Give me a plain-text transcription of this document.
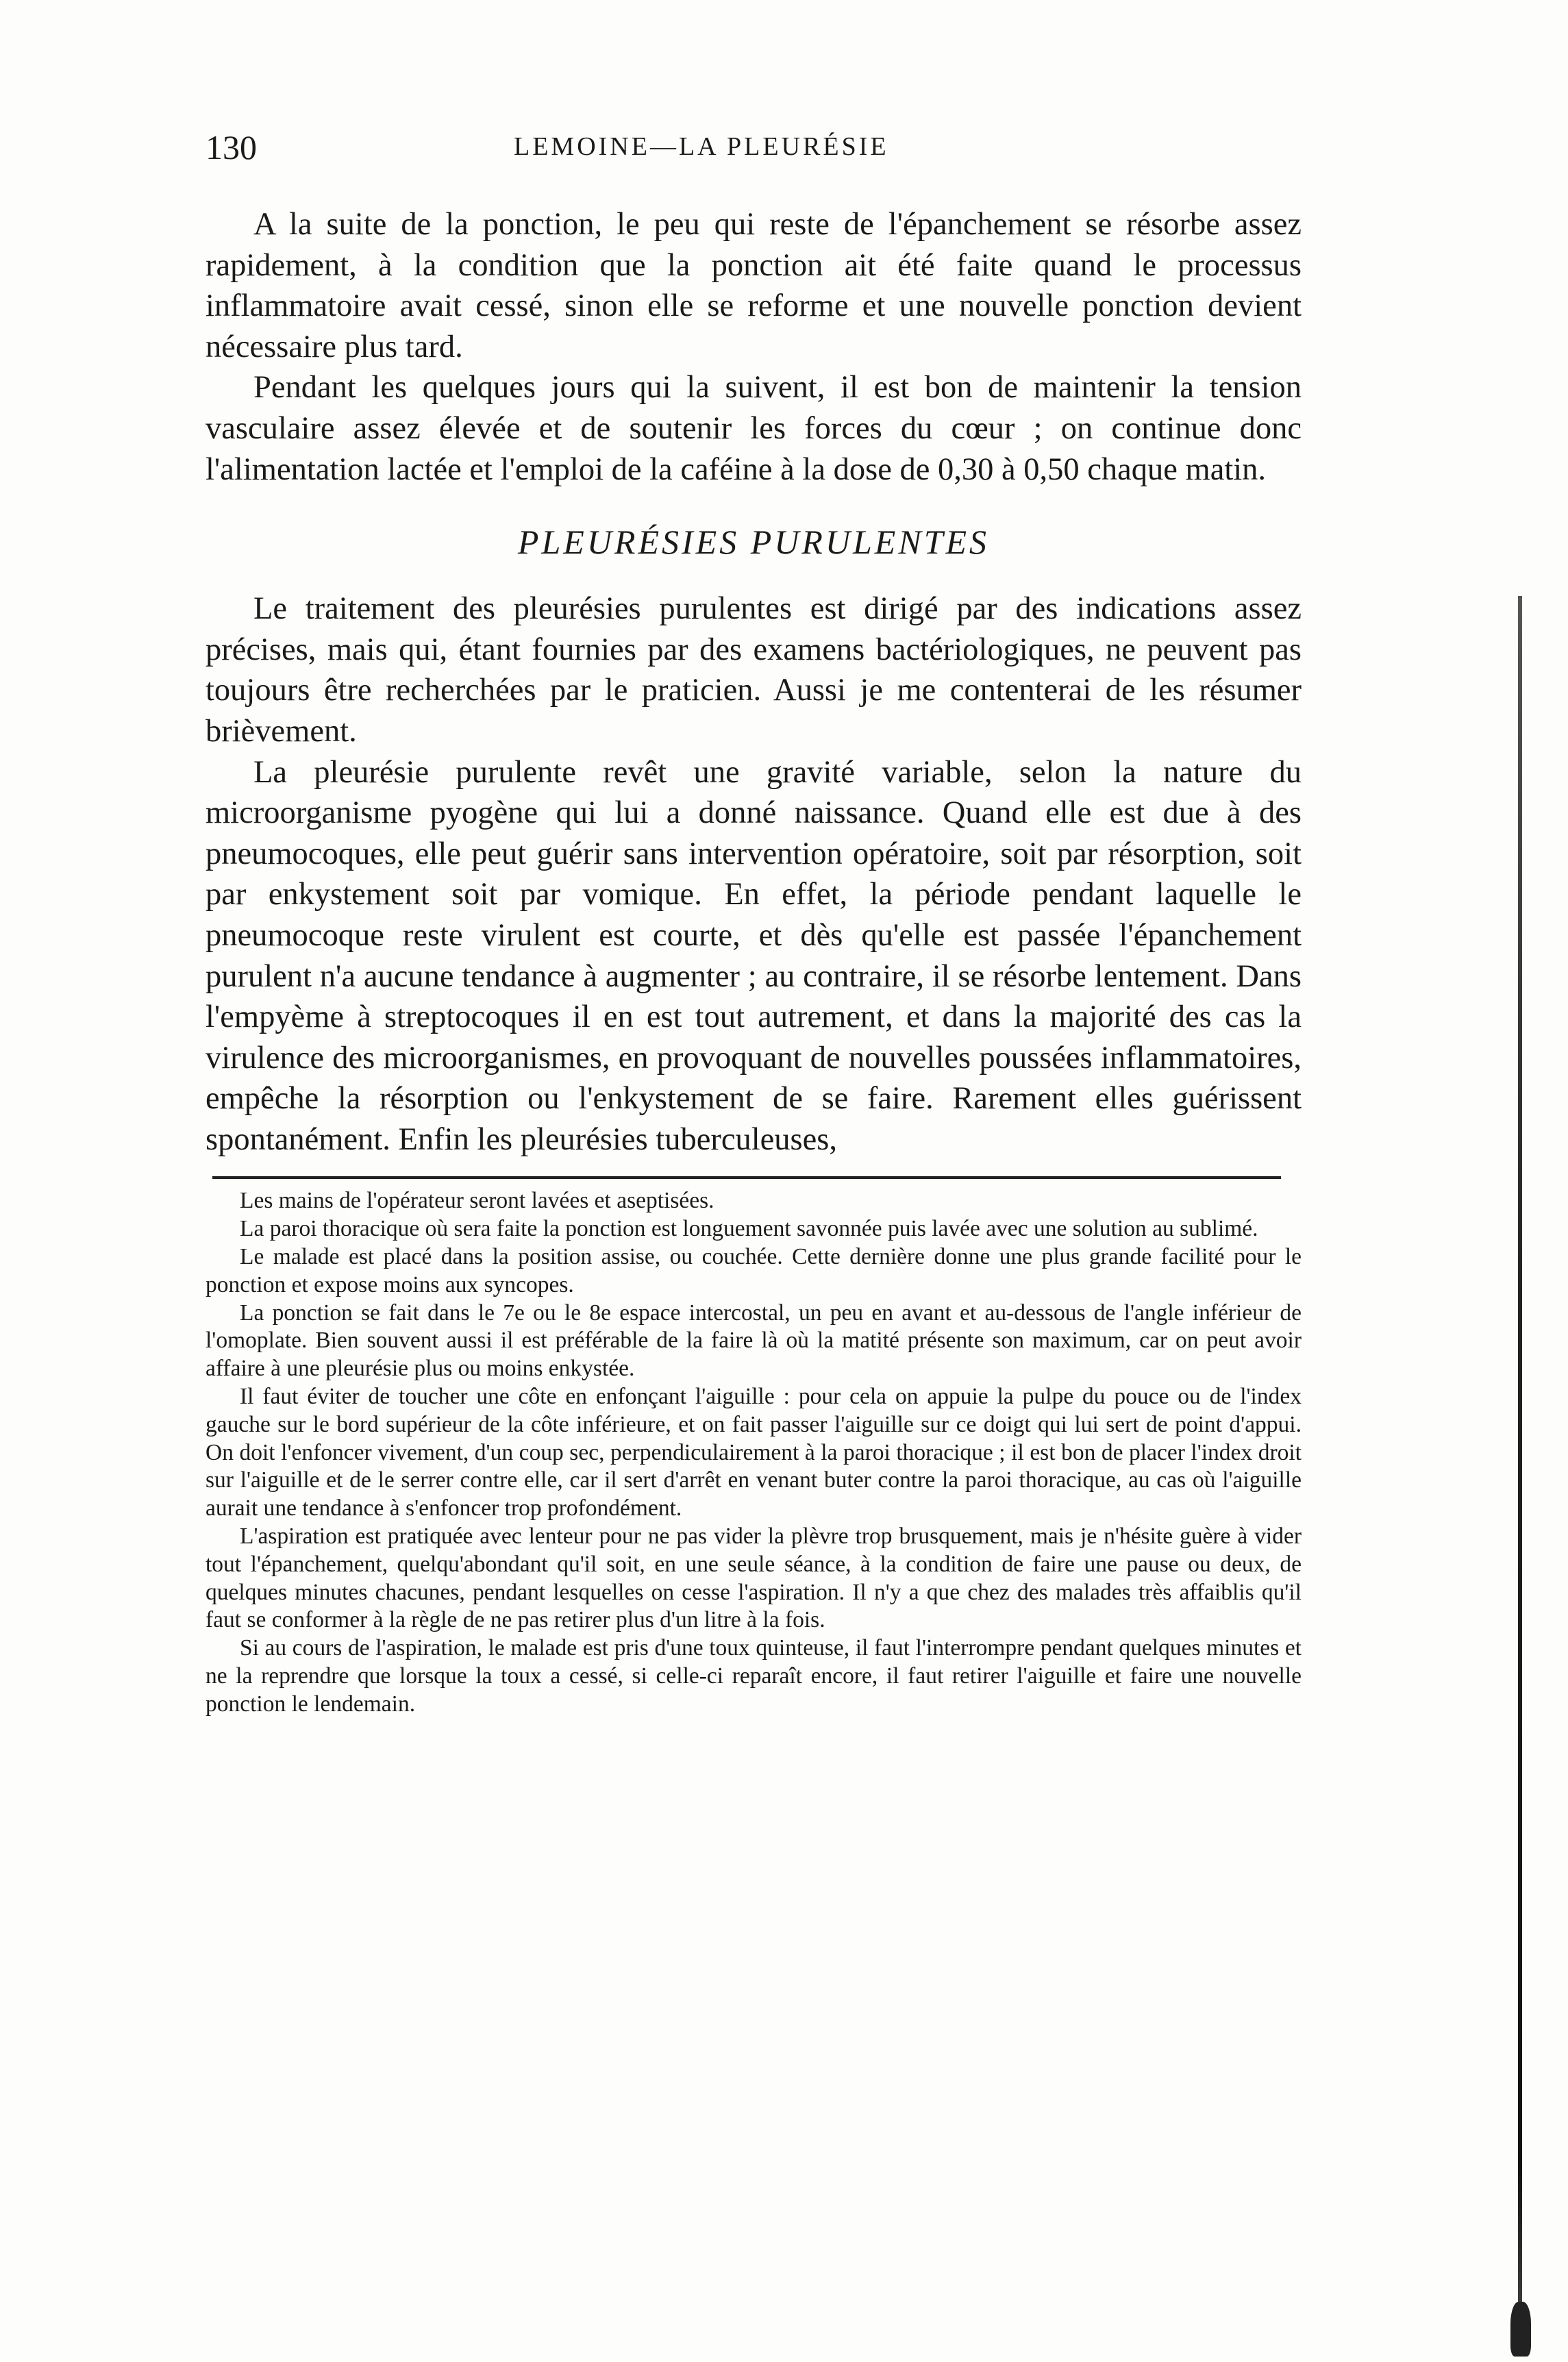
130	LEMOINE—LA PLEURÉSIE

A la suite de la ponction, le peu qui reste de l'épanchement se résorbe assez rapidement, à la condition que la ponction ait été faite quand le processus inflammatoire avait cessé, sinon elle se reforme et une nouvelle ponction devient nécessaire plus tard.

Pendant les quelques jours qui la suivent, il est bon de maintenir la tension vasculaire assez élevée et de soutenir les forces du cœur ; on continue donc l'alimentation lactée et l'emploi de la caféine à la dose de 0,30 à 0,50 chaque matin.

PLEURÉSIES PURULENTES

Le traitement des pleurésies purulentes est dirigé par des indications assez précises, mais qui, étant fournies par des examens bactériologiques, ne peuvent pas toujours être recherchées par le praticien. Aussi je me contenterai de les résumer brièvement.

La pleurésie purulente revêt une gravité variable, selon la nature du microorganisme pyogène qui lui a donné naissance. Quand elle est due à des pneumocoques, elle peut guérir sans intervention opératoire, soit par résorption, soit par enkystement soit par vomique. En effet, la période pendant laquelle le pneumocoque reste virulent est courte, et dès qu'elle est passée l'épanchement purulent n'a aucune tendance à augmenter ; au contraire, il se résorbe lentement. Dans l'empyème à streptocoques il en est tout autrement, et dans la majorité des cas la virulence des microorganismes, en provoquant de nouvelles poussées inflammatoires, empêche la résorption ou l'enkystement de se faire. Rarement elles guérissent spontanément. Enfin les pleurésies tuberculeuses,

Les mains de l'opérateur seront lavées et aseptisées.

La paroi thoracique où sera faite la ponction est longuement savonnée puis lavée avec une solution au sublimé.

Le malade est placé dans la position assise, ou couchée. Cette dernière donne une plus grande facilité pour le ponction et expose moins aux syncopes.

La ponction se fait dans le 7e ou le 8e espace intercostal, un peu en avant et au-dessous de l'angle inférieur de l'omoplate. Bien souvent aussi il est préférable de la faire là où la matité présente son maximum, car on peut avoir affaire à une pleurésie plus ou moins enkystée.

Il faut éviter de toucher une côte en enfonçant l'aiguille : pour cela on appuie la pulpe du pouce ou de l'index gauche sur le bord supérieur de la côte inférieure, et on fait passer l'aiguille sur ce doigt qui lui sert de point d'appui. On doit l'enfoncer vivement, d'un coup sec, perpendiculairement à la paroi thoracique ; il est bon de placer l'index droit sur l'aiguille et de le serrer contre elle, car il sert d'arrêt en venant buter contre la paroi thoracique, au cas où l'aiguille aurait une tendance à s'enfoncer trop profondément.

L'aspiration est pratiquée avec lenteur pour ne pas vider la plèvre trop brusquement, mais je n'hésite guère à vider tout l'épanchement, quelqu'abondant qu'il soit, en une seule séance, à la condition de faire une pause ou deux, de quelques minutes chacunes, pendant lesquelles on cesse l'aspiration. Il n'y a que chez des malades très affaiblis qu'il faut se conformer à la règle de ne pas retirer plus d'un litre à la fois.

Si au cours de l'aspiration, le malade est pris d'une toux quinteuse, il faut l'interrompre pendant quelques minutes et ne la reprendre que lorsque la toux a cessé, si celle-ci reparaît encore, il faut retirer l'aiguille et faire une nouvelle ponction le lendemain.
